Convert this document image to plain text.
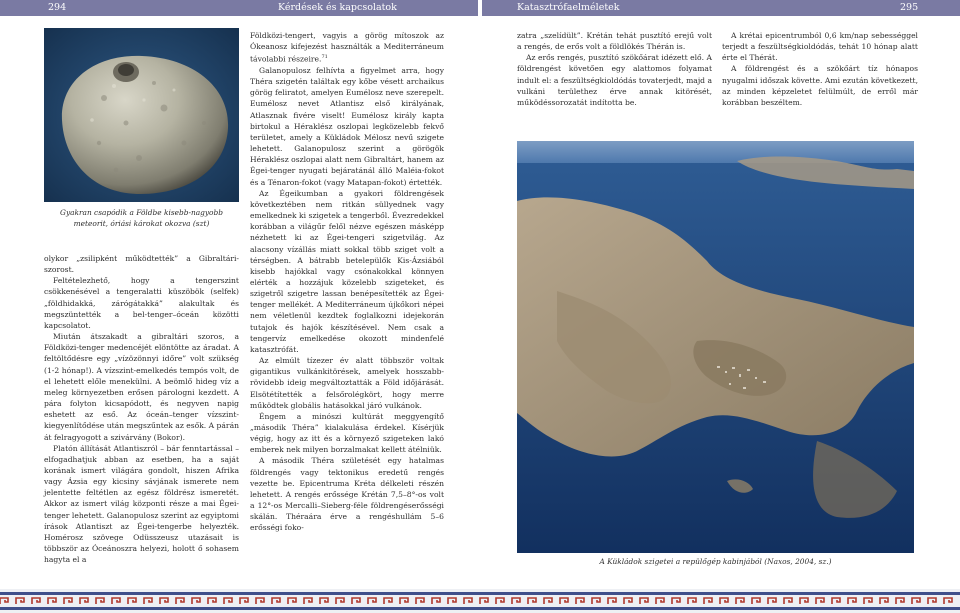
294	Kérdések és kapcsolatok	Katasztrófaelméletek	295
Gyakran csapódik a Földbe kisebb-nagyobb meteorit, óriási károkat okozva (szt)

olykor „zsilipként működtették” a Gibraltári-szorost.

Feltételezhető, hogy a tengerszint csökkenésével a tengeralatti küszöbök (selfek) „földhidakká, zárógátakká” alakultak és megszüntették a bel-tenger–óceán közötti kapcsolatot.

Miután átszakadt a gibraltári szoros, a Földközi-tenger medencéjét elöntötte az áradat. A feltöltődésre egy „vízözönnyi időre” volt szükség (1-2 hónap!). A vízszint-emelkedés tempós volt, de el lehetett előle menekülni. A beömlő hideg víz a meleg környezetben erősen párologni kezdett. A pára folyton kicsapódott, és negyven napig eshetett az eső. Az óceán–tenger vízszint-kiegyenlítődése után megszűntek az esők. A párán át felragyogott a szivárvány (Bokor).

Platón állítását Atlantiszról – bár fenntartással – elfogadhatjuk abban az esetben, ha a saját korának ismert világára gondolt, hiszen Afrika vagy Ázsia egy kicsiny sávjának ismerete nem jelentette feltétlen az egész földrész ismeretét. Akkor az ismert világ központi része a mai Égei-tenger lehetett. Galanopulosz szerint az egyiptomi írások Atlantiszt az Égei-tengerbe helyezték. Homérosz szövege Odüsszeusz utazásait is többször az Óceánoszra helyezi, holott ő sohasem hagyta el a

Földközi-tengert, vagyis a görög mítoszok az Ókeanosz kifejezést használták a Mediterráneum távolabbi részeire.$^{71}$

Galanopulosz felhívta a figyelmet arra, hogy Théra szigetén találtak egy kőbe vésett archaikus görög feliratot, amelyen Eumélosz neve szerepelt. Eumélosz nevet Atlantisz első királyának, Atlasznak fivére viselt! Eumélosz király kapta birtokul a Héraklész oszlopai legközelebb fekvő területet, amely a Kükládok Mélosz nevű szigete lehetett. Galanopulosz szerint a görögök Héraklész oszlopai alatt nem Gibraltárt, hanem az Égei-tenger nyugati bejáratánál álló Maléia-fokot és a Ténaron-fokot (vagy Matapan-fokot) értették.

Az Égeikumban a gyakori földrengések következtében nem ritkán süllyednek vagy emelkednek ki szigetek a tengerből. Évezredekkel korábban a világűr felől nézve egészen másképp nézhetett ki az Égei-tengeri szigetvilág. Az alacsony vízállás miatt sokkal több sziget volt a térségben. A bátrabb betelepülők Kis-Ázsiából kisebb hajókkal vagy csónakokkal könnyen elérték a hozzájuk közelebb szigeteket, és szigetről szigetre lassan benépesítették az Égei-tenger mellékét. A Mediterráneum újkőkori népei nem véletlenül kezdtek foglalkozni idejekorán tutajok és hajók készítésével. Nem csak a tengervíz emelkedése okozott mindenfelé katasztrófát.

Az elmúlt tízezer év alatt többször voltak gigantikus vulkánkitörések, amelyek hosszabb-rövidebb ideig megváltoztatták a Föld időjárását. Elsötétítették a felsőrolégkört, hogy merre működtek globális hatásokkal járó vulkánok.

Éngem a minószi kultúrát meggyengítő „második Théra” kialakulása érdekel. Kísérjük végig, hogy az itt és a környező szigeteken lakó emberek nek milyen borzalmakat kellett átélniük.

A második Théra születését egy hatalmas földrengés vagy tektonikus eredetű rengés vezette be. Epicentruma Kréta délkeleti részén lehetett. A rengés erőssége Krétán 7,5–8°-os volt a 12°-os Mercalli–Sieberg-féle földrengéserősségi skálán. Théraára érve a rengéshullám 5–6 erősségi foko-

zatra „szelídült”. Krétán tehát pusztító erejű volt a rengés, de erős volt a földlökés Thérán is.

Az erős rengés, pusztító szökőárat idézett elő. A földrengést követően egy alattomos folyamat indult el: a feszültségkioldódás tovaterjedt, majd a vulkáni területhez érve annak kitörését, működéssorozatát indította be.

A krétai epicentrumból 0,6 km/nap sebességgel terjedt a feszültségkioldódás, tehát 10 hónap alatt érte el Thérát.

A földrengést és a szökőárt tíz hónapos nyugalmi időszak követte. Ami ezután következett, az minden képzeletet felülmúlt, de erről már korábban beszéltem.

A Kükládok szigetei a repülőgép kabinjából (Naxos, 2004, sz.)
